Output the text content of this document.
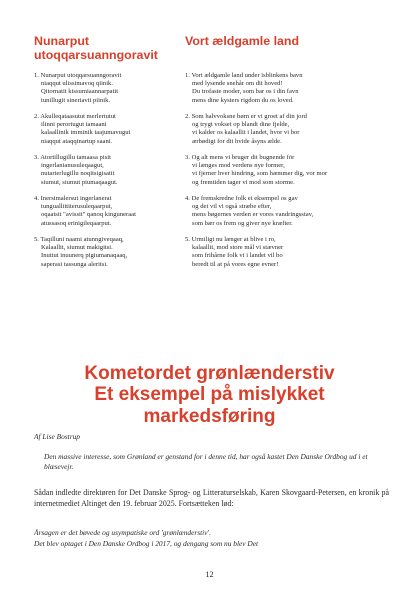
Nunarput
utoqqarsuanngoravit

1. Nunarput utoqqarsuanngoravit
niaqqut ulissimavoq qiinik.
Qitornatit kissumiaannarpatit
tunillugit sineriavit piinik.

2. Akulleqataasutut merlertutut
ilinni perortugut tamaani
kalaallinik imminik taajumavugut
niaqqut ataqqinartup saani.

3. Atortillugillu tamaasa pisit
ingerlanianusuleqaagut,
nutarterlugillu noqitsigisatit
siumut, siumut piumaqaagut.

4. Inersimalersut ingerlanerat
tunguallittiterusuleqaarput,
oqaatsit "avissit" qanoq kinguneraat
atussasoq erinigileqaarput.

5. Taqilluni naami atunngiveqaaq,
Kalaallit, siumut makigitsi.
Inuttut inuunerq pigiumanaqaaq,
saperasi tassunga aleritsi.

Vort ældgamle land

1. Vort ældgamle land under isblinkens bavn
med lysende snehår om dit hoved!
Du trofaste moder, som bar os i din favn
mens dine kysters rigdom du os loved.

2. Som halvvoksne børn er vi groet af din jord
og trygt vokset op blandt dine fjelde,
vi kalder os kalaallit i landet, hvor vi bor
ærbødigt for dit hvide åsyns ælde.

3. Og alt mens vi bruger dit bugnende fōr
vi længes mod verdens nye former,
vi fjerner hver hindring, som hæmmer dig, vor mor
og fremtiden tager vi mod som storme.

4. De fremskredne folk et eksempel os gav
og det vil vi også stræbe efter,
mens bøgernes verden er vores vandringsstav,
som bær os frem og giver nye kræfter.

5. Urmiligt nu længer at blive i ro,
kalaallit, mod store mål vi stævner
som frihårne folk vi i landet vil bo
beredt til at på vores egne evner!

Kometordet grønlænderstiv
Et eksempel på mislykket
markedsføring
Af Lise Bostrup

Den massive interesse, som Grønland er genstand for i denne tid, har også kastet Den Danske Ordbog ud i et blæsevejr.

Sådan indledte direktøren for Det Danske Sprog- og Litteraturselskab, Karen Skovgaard-Petersen, en kronik på internetmediet Altinget den 19. februar 2025. Fortsætteken lød:

Årsagen er det bøvede og usympatiske ord 'grønlænderstiv'.
Det blev optaget i Den Danske Ordbog i 2017, og dengang som nu blev Det

12
